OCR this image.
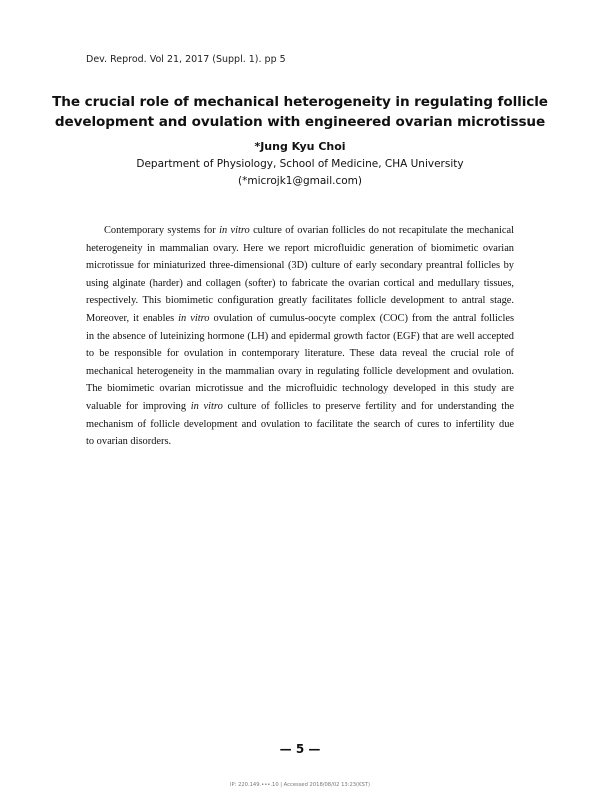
Dev. Reprod. Vol 21, 2017 (Suppl. 1). pp 5
The crucial role of mechanical heterogeneity in regulating follicle
development and ovulation with engineered ovarian microtissue
*Jung Kyu Choi
Department of Physiology, School of Medicine, CHA University
(*microjk1@gmail.com)
Contemporary systems for in vitro culture of ovarian follicles do not recapitulate the mechanical
heterogeneity in mammalian ovary. Here we report microfluidic generation of biomimetic ovarian
microtissue for miniaturized three-dimensional (3D) culture of early secondary preantral follicles by
using alginate (harder) and collagen (softer) to fabricate the ovarian cortical and medullary tissues,
respectively. This biomimetic configuration greatly facilitates follicle development to antral stage.
Moreover, it enables in vitro ovulation of cumulus-oocyte complex (COC) from the antral follicles
in the absence of luteinizing hormone (LH) and epidermal growth factor (EGF) that are well accepted
to be responsible for ovulation in contemporary literature. These data reveal the crucial role of
mechanical heterogeneity in the mammalian ovary in regulating follicle development and ovulation.
The biomimetic ovarian microtissue and the microfluidic technology developed in this study are
valuable for improving in vitro culture of follicles to preserve fertility and for understanding the
mechanism of follicle development and ovulation to facilitate the search of cures to infertility due
to ovarian disorders.
— 5 —
IP: 220.149.•••.10 | Accessed 2018/08/02 13:23(KST)
